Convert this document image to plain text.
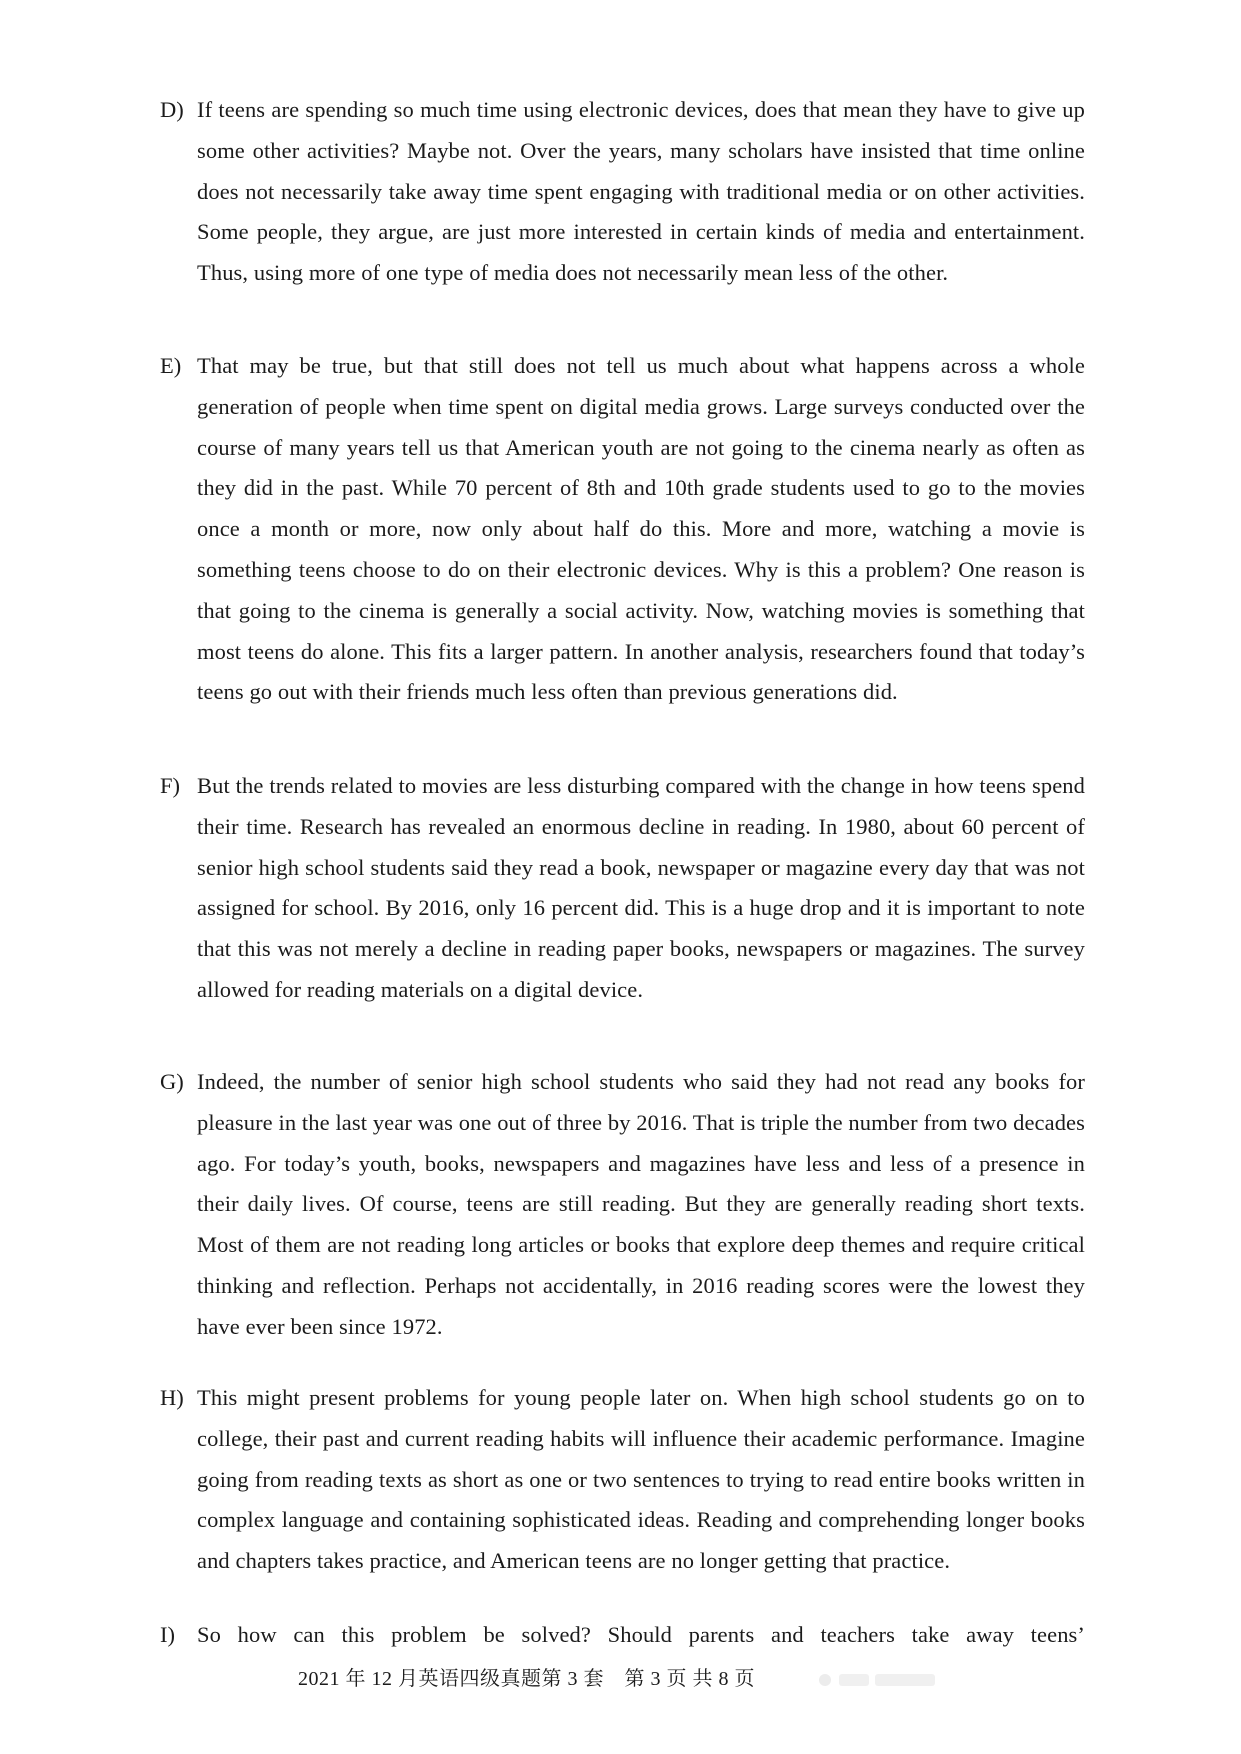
D) If teens are spending so much time using electronic devices, does that mean they have to give up some other activities? Maybe not. Over the years, many scholars have insisted that time online does not necessarily take away time spent engaging with traditional media or on other activities. Some people, they argue, are just more interested in certain kinds of media and entertainment. Thus, using more of one type of media does not necessarily mean less of the other.
E) That may be true, but that still does not tell us much about what happens across a whole generation of people when time spent on digital media grows. Large surveys conducted over the course of many years tell us that American youth are not going to the cinema nearly as often as they did in the past. While 70 percent of 8th and 10th grade students used to go to the movies once a month or more, now only about half do this. More and more, watching a movie is something teens choose to do on their electronic devices. Why is this a problem? One reason is that going to the cinema is generally a social activity. Now, watching movies is something that most teens do alone. This fits a larger pattern. In another analysis, researchers found that today’s teens go out with their friends much less often than previous generations did.
F) But the trends related to movies are less disturbing compared with the change in how teens spend their time. Research has revealed an enormous decline in reading. In 1980, about 60 percent of senior high school students said they read a book, newspaper or magazine every day that was not assigned for school. By 2016, only 16 percent did. This is a huge drop and it is important to note that this was not merely a decline in reading paper books, newspapers or magazines. The survey allowed for reading materials on a digital device.
G) Indeed, the number of senior high school students who said they had not read any books for pleasure in the last year was one out of three by 2016. That is triple the number from two decades ago. For today’s youth, books, newspapers and magazines have less and less of a presence in their daily lives. Of course, teens are still reading. But they are generally reading short texts. Most of them are not reading long articles or books that explore deep themes and require critical thinking and reflection. Perhaps not accidentally, in 2016 reading scores were the lowest they have ever been since 1972.
H) This might present problems for young people later on. When high school students go on to college, their past and current reading habits will influence their academic performance. Imagine going from reading texts as short as one or two sentences to trying to read entire books written in complex language and containing sophisticated ideas. Reading and comprehending longer books and chapters takes practice, and American teens are no longer getting that practice.
I) So how can this problem be solved? Should parents and teachers take away teens’
2021 年 12 月英语四级真题第 3 套　第 3 页 共 8 页
